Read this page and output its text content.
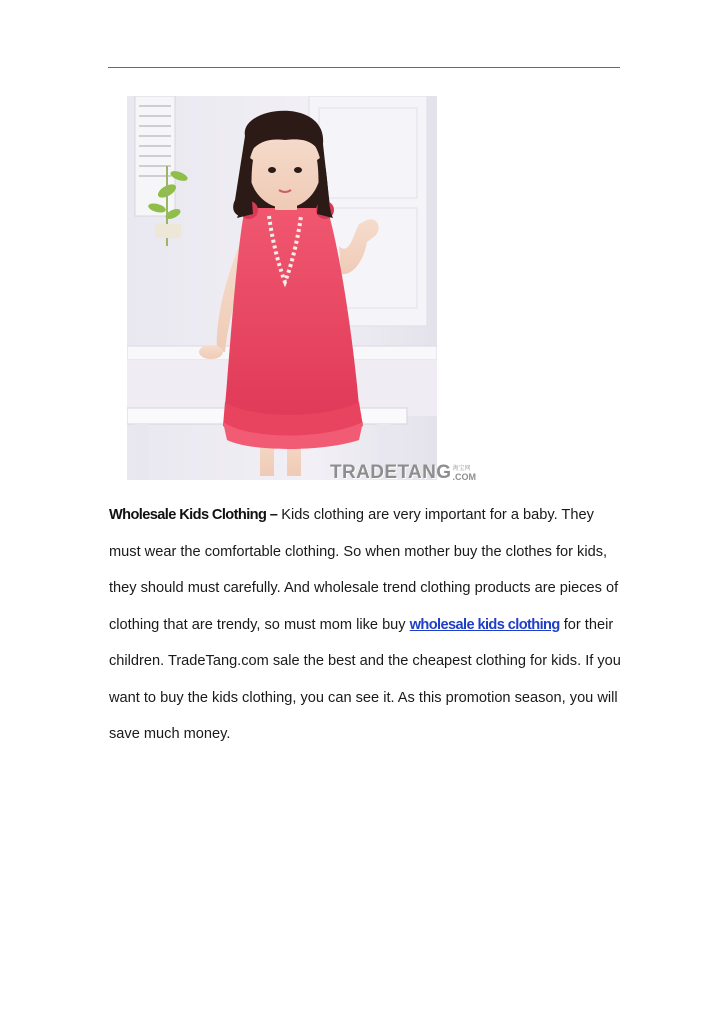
TRADETANG 淘宝网
.COM
Wholesale Kids Clothing – Kids clothing are very important for a baby. They must wear the comfortable clothing. So when mother buy the clothes for kids, they should must carefully. And wholesale trend clothing products are pieces of clothing that are trendy, so must mom like buy wholesale kids clothing for their children. TradeTang.com sale the best and the cheapest clothing for kids. If you want to buy the kids clothing, you can see it. As this promotion season, you will save much money.
